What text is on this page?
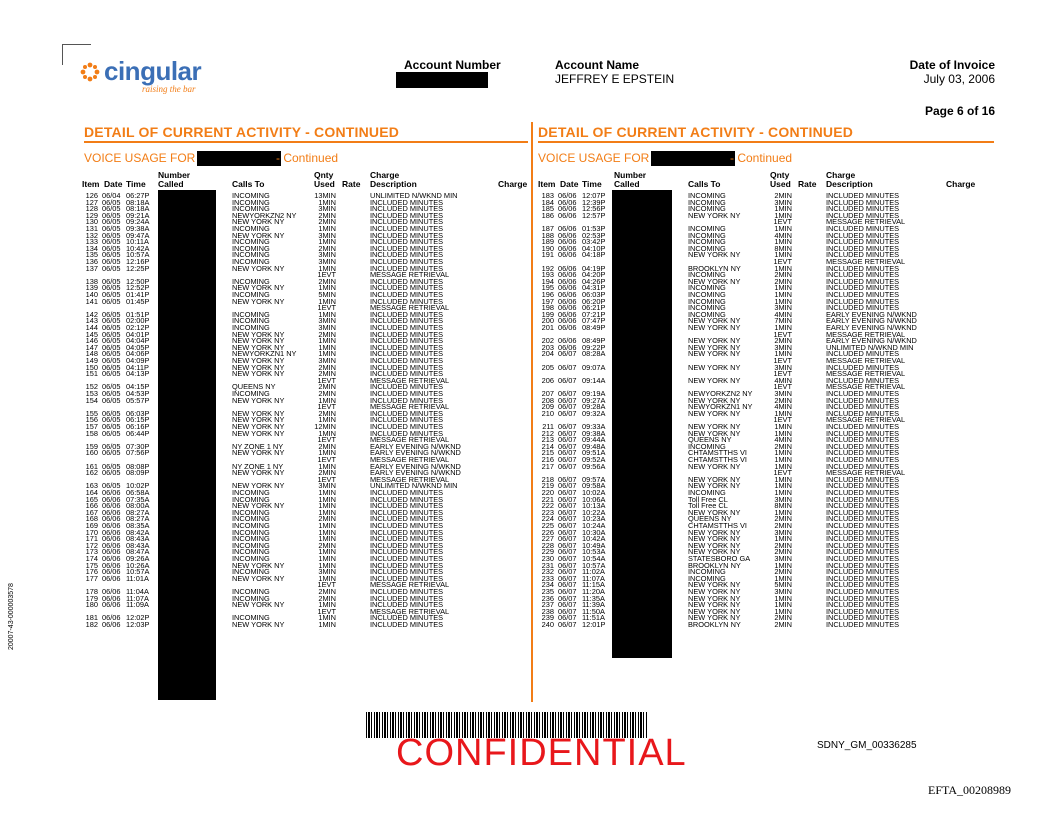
cingular
raising the bar
Account Number	Account Name
JEFFREY E EPSTEIN
Date of Invoice
July 03, 2006
Page 6 of 16
DETAIL OF CURRENT ACTIVITY - CONTINUED
VOICE USAGE FOR	- Continued
Number	Qnty	Charge
Item Date Time Called	Calls To	Used Rate Description	Charge
126 06/04 06:27P	INCOMING	13MIN	UNLIMITED N/WKND MIN
127 06/05 08:18A	INCOMING	1MIN	INCLUDED MINUTES
128 06/05 08:18A	INCOMING	3MIN	INCLUDED MINUTES
129 06/05 09:21A	NEWYORKZN2 NY	2MIN	INCLUDED MINUTES
130 06/05 09:24A	NEW YORK NY	2MIN	INCLUDED MINUTES
131 06/05 09:38A	INCOMING	1MIN	INCLUDED MINUTES
132 06/05 09:47A	NEW YORK NY	3MIN	INCLUDED MINUTES
133 06/05 10:11A	INCOMING	1MIN	INCLUDED MINUTES
134 06/05 10:42A	INCOMING	2MIN	INCLUDED MINUTES
135 06/05 10:57A	INCOMING	3MIN	INCLUDED MINUTES
136 06/05 12:16P	INCOMING	3MIN	INCLUDED MINUTES
137 06/05 12:25P	NEW YORK NY	1MIN	INCLUDED MINUTES
1EVT	MESSAGE RETRIEVAL
138 06/05 12:50P	INCOMING	2MIN	INCLUDED MINUTES
139 06/05 12:52P	NEW YORK NY	1MIN	INCLUDED MINUTES
140 06/05 01:41P	INCOMING	5MIN	INCLUDED MINUTES
141 06/05 01:45P	NEW YORK NY	1MIN	INCLUDED MINUTES
1EVT	MESSAGE RETRIEVAL
142 06/05 01:51P	INCOMING	1MIN	INCLUDED MINUTES
143 06/05 02:00P	INCOMING	3MIN	INCLUDED MINUTES
144 06/05 02:12P	INCOMING	3MIN	INCLUDED MINUTES
145 06/05 04:01P	NEW YORK NY	2MIN	INCLUDED MINUTES
146 06/05 04:04P	NEW YORK NY	1MIN	INCLUDED MINUTES
147 06/05 04:05P	NEW YORK NY	1MIN	INCLUDED MINUTES
148 06/05 04:06P	NEWYORKZN1 NY	1MIN	INCLUDED MINUTES
149 06/05 04:09P	NEW YORK NY	3MIN	INCLUDED MINUTES
150 06/05 04:11P	NEW YORK NY	2MIN	INCLUDED MINUTES
151 06/05 04:13P	NEW YORK NY	2MIN	INCLUDED MINUTES
1EVT	MESSAGE RETRIEVAL
152 06/05 04:15P	QUEENS NY	2MIN	INCLUDED MINUTES
153 06/05 04:53P	INCOMING	2MIN	INCLUDED MINUTES
154 06/05 05:57P	NEW YORK NY	1MIN	INCLUDED MINUTES
1EVT	MESSAGE RETRIEVAL
155 06/05 06:03P	NEW YORK NY	2MIN	INCLUDED MINUTES
156 06/05 06:15P	NEW YORK NY	1MIN	INCLUDED MINUTES
157 06/05 06:16P	NEW YORK NY	12MIN	INCLUDED MINUTES
158 06/05 06:44P	NEW YORK NY	1MIN	INCLUDED MINUTES
1EVT	MESSAGE RETRIEVAL
159 06/05 07:30P	NY ZONE 1 NY	2MIN	EARLY EVENING N/WKND
160 06/05 07:56P	NEW YORK NY	1MIN	EARLY EVENING N/WKND
1EVT	MESSAGE RETRIEVAL
161 06/05 08:08P	NY ZONE 1 NY	1MIN	EARLY EVENING N/WKND
162 06/05 08:09P	NEW YORK NY	2MIN	EARLY EVENING N/WKND
1EVT	MESSAGE RETRIEVAL
163 06/05 10:02P	NEW YORK NY	3MIN	UNLIMITED N/WKND MIN
164 06/06 06:58A	INCOMING	1MIN	INCLUDED MINUTES
165 06/06 07:35A	INCOMING	1MIN	INCLUDED MINUTES
166 06/06 08:00A	NEW YORK NY	1MIN	INCLUDED MINUTES
167 06/06 08:27A	INCOMING	1MIN	INCLUDED MINUTES
168 06/06 08:27A	INCOMING	2MIN	INCLUDED MINUTES
169 06/06 08:35A	INCOMING	1MIN	INCLUDED MINUTES
170 06/06 08:42A	INCOMING	1MIN	INCLUDED MINUTES
171 06/06 08:43A	INCOMING	1MIN	INCLUDED MINUTES
172 06/06 08:43A	INCOMING	2MIN	INCLUDED MINUTES
173 06/06 08:47A	INCOMING	1MIN	INCLUDED MINUTES
174 06/06 09:26A	INCOMING	1MIN	INCLUDED MINUTES
175 06/06 10:26A	NEW YORK NY	1MIN	INCLUDED MINUTES
176 06/06 10:57A	INCOMING	3MIN	INCLUDED MINUTES
177 06/06 11:01A	NEW YORK NY	1MIN	INCLUDED MINUTES
1EVT	MESSAGE RETRIEVAL
178 06/06 11:04A	INCOMING	2MIN	INCLUDED MINUTES
179 06/06 11:07A	INCOMING	2MIN	INCLUDED MINUTES
180 06/06 11:09A	NEW YORK NY	1MIN	INCLUDED MINUTES
1EVT	MESSAGE RETRIEVAL
181 06/06 12:02P	INCOMING	1MIN	INCLUDED MINUTES
182 06/06 12:03P	NEW YORK NY	1MIN	INCLUDED MINUTES
DETAIL OF CURRENT ACTIVITY - CONTINUED
VOICE USAGE FOR	- Continued
Number	Qnty	Charge
Item Date Time Called	Calls To	Used Rate Description	Charge
183 06/06 12:07P	INCOMING	2MIN	INCLUDED MINUTES
184 06/06 12:39P	INCOMING	3MIN	INCLUDED MINUTES
185 06/06 12:56P	INCOMING	1MIN	INCLUDED MINUTES
186 06/06 12:57P	NEW YORK NY	1MIN	INCLUDED MINUTES
1EVT	MESSAGE RETRIEVAL
187 06/06 01:53P	INCOMING	1MIN	INCLUDED MINUTES
188 06/06 02:53P	INCOMING	4MIN	INCLUDED MINUTES
189 06/06 03:42P	INCOMING	1MIN	INCLUDED MINUTES
190 06/06 04:10P	INCOMING	8MIN	INCLUDED MINUTES
191 06/06 04:18P	NEW YORK NY	1MIN	INCLUDED MINUTES
1EVT	MESSAGE RETRIEVAL
192 06/06 04:19P	BROOKLYN NY	1MIN	INCLUDED MINUTES
193 06/06 04:20P	INCOMING	2MIN	INCLUDED MINUTES
194 06/06 04:26P	NEW YORK NY	2MIN	INCLUDED MINUTES
195 06/06 04:31P	INCOMING	1MIN	INCLUDED MINUTES
196 06/06 06:03P	INCOMING	1MIN	INCLUDED MINUTES
197 06/06 06:20P	INCOMING	1MIN	INCLUDED MINUTES
198 06/06 06:21P	INCOMING	3MIN	INCLUDED MINUTES
199 06/06 07:21P	INCOMING	4MIN	EARLY EVENING N/WKND
200 06/06 07:47P	NEW YORK NY	7MIN	EARLY EVENING N/WKND
201 06/06 08:49P	NEW YORK NY	1MIN	EARLY EVENING N/WKND
1EVT	MESSAGE RETRIEVAL
202 06/06 08:49P	NEW YORK NY	2MIN	EARLY EVENING N/WKND
203 06/06 09:22P	NEW YORK NY	3MIN	UNLIMITED N/WKND MIN
204 06/07 08:28A	NEW YORK NY	1MIN	INCLUDED MINUTES
1EVT	MESSAGE RETRIEVAL
205 06/07 09:07A	NEW YORK NY	3MIN	INCLUDED MINUTES
1EVT	MESSAGE RETRIEVAL
206 06/07 09:14A	NEW YORK NY	4MIN	INCLUDED MINUTES
1EVT	MESSAGE RETRIEVAL
207 06/07 09:19A	NEWYORKZN2 NY	3MIN	INCLUDED MINUTES
208 06/07 09:27A	NEW YORK NY	2MIN	INCLUDED MINUTES
209 06/07 09:28A	NEWYORKZN1 NY	4MIN	INCLUDED MINUTES
210 06/07 09:32A	NEW YORK NY	1MIN	INCLUDED MINUTES
1EVT	MESSAGE RETRIEVAL
211 06/07 09:33A	NEW YORK NY	1MIN	INCLUDED MINUTES
212 06/07 09:38A	NEW YORK NY	1MIN	INCLUDED MINUTES
213 06/07 09:44A	QUEENS NY	4MIN	INCLUDED MINUTES
214 06/07 09:48A	INCOMING	2MIN	INCLUDED MINUTES
215 06/07 09:51A	CHTAMSTTHS VI	1MIN	INCLUDED MINUTES
216 06/07 09:52A	CHTAMSTTHS VI	1MIN	INCLUDED MINUTES
217 06/07 09:56A	NEW YORK NY	1MIN	INCLUDED MINUTES
1EVT	MESSAGE RETRIEVAL
218 06/07 09:57A	NEW YORK NY	1MIN	INCLUDED MINUTES
219 06/07 09:58A	NEW YORK NY	1MIN	INCLUDED MINUTES
220 06/07 10:02A	INCOMING	1MIN	INCLUDED MINUTES
221 06/07 10:06A	Toll Free CL	3MIN	INCLUDED MINUTES
222 06/07 10:13A	Toll Free CL	8MIN	INCLUDED MINUTES
223 06/07 10:22A	NEW YORK NY	1MIN	INCLUDED MINUTES
224 06/07 10:23A	QUEENS NY	2MIN	INCLUDED MINUTES
225 06/07 10:24A	CHTAMSTTHS VI	2MIN	INCLUDED MINUTES
226 06/07 10:30A	NEW YORK NY	3MIN	INCLUDED MINUTES
227 06/07 10:42A	NEW YORK NY	1MIN	INCLUDED MINUTES
228 06/07 10:49A	NEW YORK NY	2MIN	INCLUDED MINUTES
229 06/07 10:53A	NEW YORK NY	2MIN	INCLUDED MINUTES
230 06/07 10:54A	STATESBORO GA	3MIN	INCLUDED MINUTES
231 06/07 10:57A	BROOKLYN NY	1MIN	INCLUDED MINUTES
232 06/07 11:02A	INCOMING	2MIN	INCLUDED MINUTES
233 06/07 11:07A	INCOMING	1MIN	INCLUDED MINUTES
234 06/07 11:15A	NEW YORK NY	5MIN	INCLUDED MINUTES
235 06/07 11:20A	NEW YORK NY	3MIN	INCLUDED MINUTES
236 06/07 11:35A	NEW YORK NY	1MIN	INCLUDED MINUTES
237 06/07 11:39A	NEW YORK NY	1MIN	INCLUDED MINUTES
238 06/07 11:50A	NEW YORK NY	1MIN	INCLUDED MINUTES
239 06/07 11:51A	NEW YORK NY	2MIN	INCLUDED MINUTES
240 06/07 12:01P	BROOKLYN NY	2MIN	INCLUDED MINUTES
CONFIDENTIAL	SDNY_GM_00336285
EFTA_00208989
20007-43-000003578
